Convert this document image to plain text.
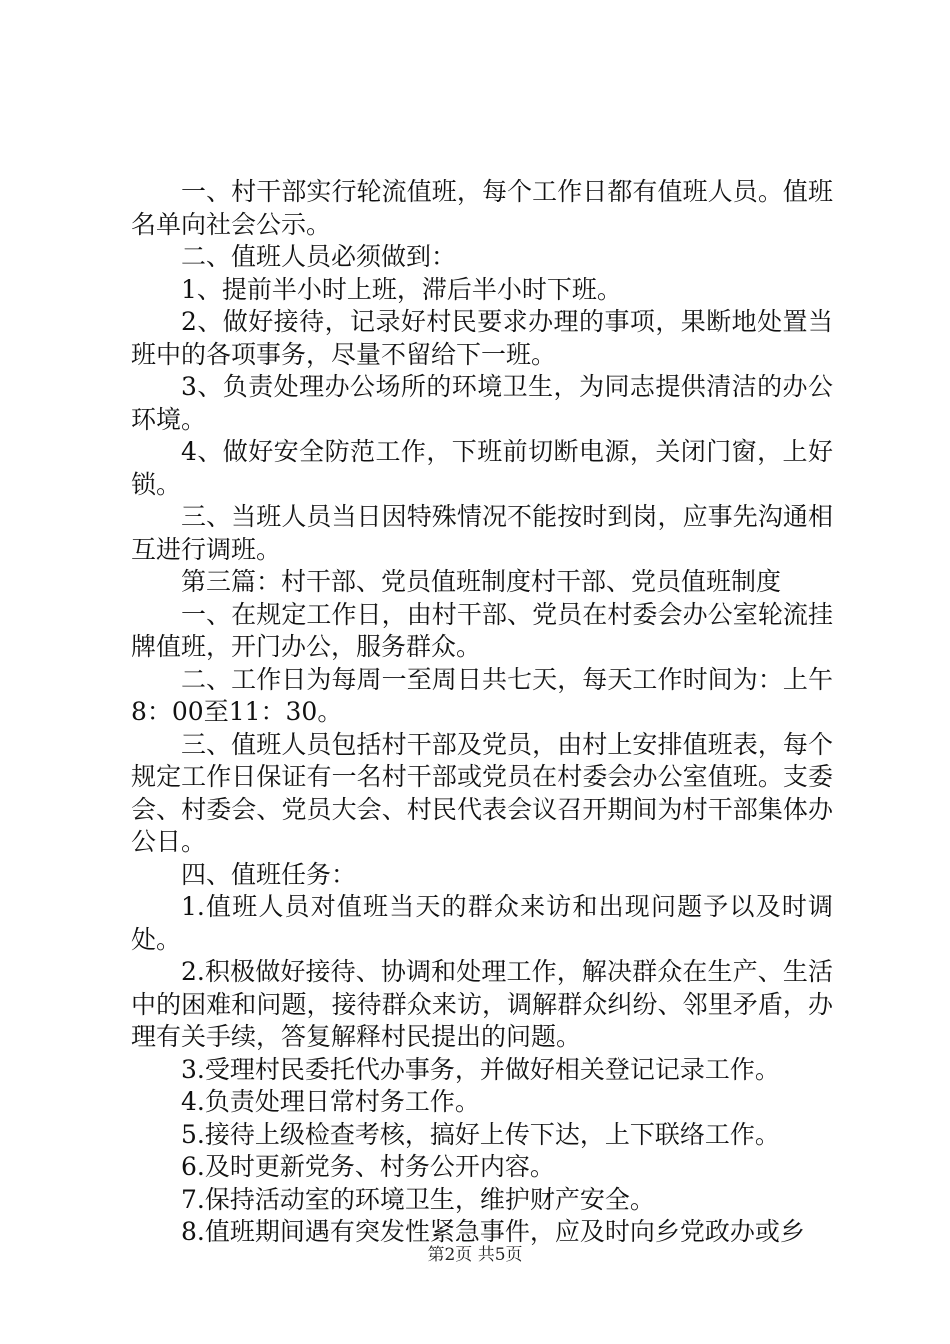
一、村干部实行轮流值班，每个工作日都有值班人员。值班名单向社会公示。

二、值班人员必须做到：

1、提前半小时上班，滞后半小时下班。

2、做好接待，记录好村民要求办理的事项，果断地处置当班中的各项事务，尽量不留给下一班。

3、负责处理办公场所的环境卫生，为同志提供清洁的办公环境。

4、做好安全防范工作，下班前切断电源，关闭门窗，上好锁。

三、当班人员当日因特殊情况不能按时到岗，应事先沟通相互进行调班。

第三篇：村干部、党员值班制度村干部、党员值班制度

一、在规定工作日，由村干部、党员在村委会办公室轮流挂牌值班，开门办公，服务群众。

二、工作日为每周一至周日共七天，每天工作时间为：上午8：00至11：30。

三、值班人员包括村干部及党员，由村上安排值班表，每个规定工作日保证有一名村干部或党员在村委会办公室值班。支委会、村委会、党员大会、村民代表会议召开期间为村干部集体办公日。

四、值班任务：

1.值班人员对值班当天的群众来访和出现问题予以及时调处。

2.积极做好接待、协调和处理工作，解决群众在生产、生活中的困难和问题，接待群众来访，调解群众纠纷、邻里矛盾，办理有关手续，答复解释村民提出的问题。

3.受理村民委托代办事务，并做好相关登记记录工作。

4.负责处理日常村务工作。

5.接待上级检查考核，搞好上传下达，上下联络工作。

6.及时更新党务、村务公开内容。

7.保持活动室的环境卫生，维护财产安全。

8.值班期间遇有突发性紧急事件，应及时向乡党政办或乡

第2页 共5页
